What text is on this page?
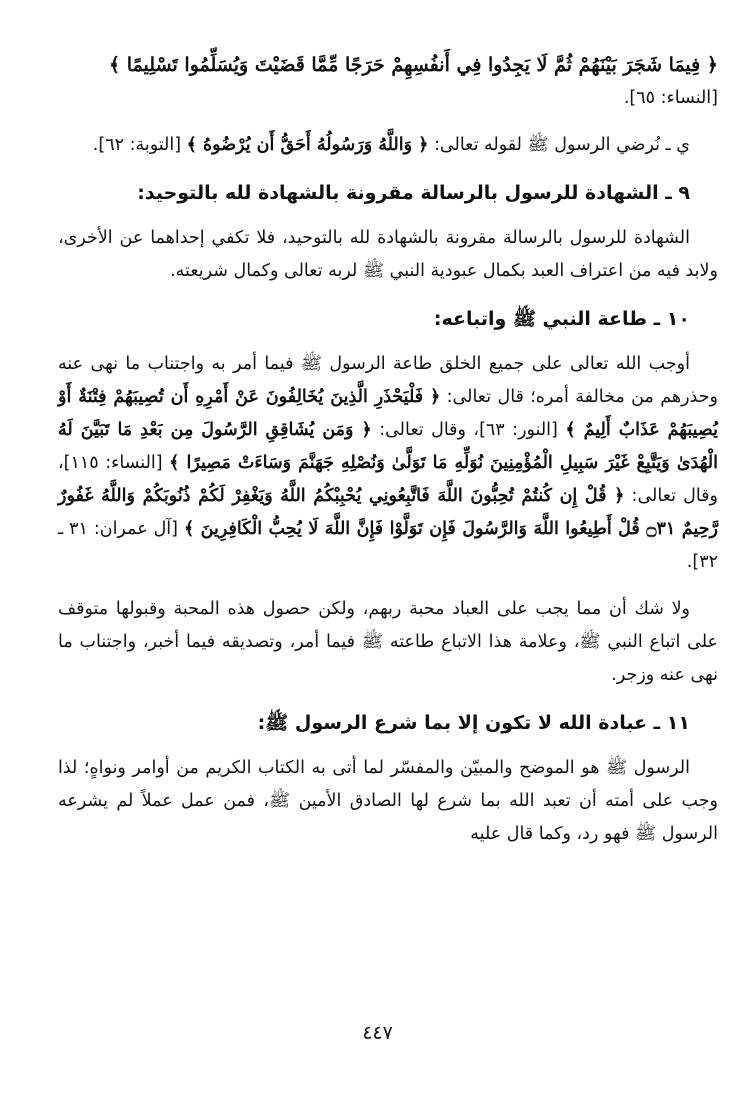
﴿ فِيمَا شَجَرَ بَيْنَهُمْ ثُمَّ لَا يَجِدُوا فِي أَنفُسِهِمْ حَرَجًا مِّمَّا قَضَيْتَ وَيُسَلِّمُوا تَسْلِيمًا ﴾

[النساء: ٦٥].

ي ـ نُرضي الرسول ﷺ لقوله تعالى: ﴿ وَاللَّهُ وَرَسُولُهُ أَحَقُّ أَن يُرْضُوهُ ﴾ [التوبة: ٦٢].

٩ ـ الشهادة للرسول بالرسالة مقرونة بالشهادة لله بالتوحيد:

الشهادة للرسول بالرسالة مقرونة بالشهادة لله بالتوحيد، فلا تكفي إحداهما عن الأخرى، ولابد فيه من اعتراف العبد بكمال عبودية النبي ﷺ لربه تعالى وكمال شريعته.

١٠ ـ طاعة النبي ﷺ واتباعه:

أوجب الله تعالى على جميع الخلق طاعة الرسول ﷺ فيما أمر به واجتناب ما نهى عنه وحذرهم من مخالفة أمره؛ قال تعالى: ﴿ فَلْيَحْذَرِ الَّذِينَ يُخَالِفُونَ عَنْ أَمْرِهِ أَن تُصِيبَهُمْ فِتْنَةٌ أَوْ يُصِيبَهُمْ عَذَابٌ أَلِيمٌ ﴾ [النور: ٦٣]، وقال تعالى: ﴿ وَمَن يُشَاقِقِ الرَّسُولَ مِن بَعْدِ مَا تَبَيَّنَ لَهُ الْهُدَىٰ وَيَتَّبِعْ غَيْرَ سَبِيلِ الْمُؤْمِنِينَ نُوَلِّهِ مَا تَوَلَّىٰ وَنُصْلِهِ جَهَنَّمَ وَسَاءَتْ مَصِيرًا ﴾ [النساء: ١١٥]، وقال تعالى: ﴿ قُلْ إِن كُنتُمْ تُحِبُّونَ اللَّهَ فَاتَّبِعُونِي يُحْبِبْكُمُ اللَّهُ وَيَغْفِرْ لَكُمْ ذُنُوبَكُمْ وَاللَّهُ غَفُورٌ رَّحِيمٌ ۝٣١ قُلْ أَطِيعُوا اللَّهَ وَالرَّسُولَ فَإِن تَوَلَّوْا فَإِنَّ اللَّهَ لَا يُحِبُّ الْكَافِرِينَ ﴾ [آل عمران: ٣١ ـ ٣٢].

ولا شك أن مما يجب على العباد محبة ربهم، ولكن حصول هذه المحبة وقبولها متوقف على اتباع النبي ﷺ، وعلامة هذا الاتباع طاعته ﷺ فيما أمر، وتصديقه فيما أخبر، واجتناب ما نهى عنه وزجر.

١١ ـ عبادة الله لا تكون إلا بما شرع الرسول ﷺ:

الرسول ﷺ هو الموضح والمبيّن والمفسّر لما أتى به الكتاب الكريم من أوامر ونواهٍ؛ لذا وجب على أمته أن تعبد الله بما شرع لها الصادق الأمين ﷺ، فمن عمل عملاً لم يشرعه الرسول ﷺ فهو رد، وكما قال عليه

٤٤٧
